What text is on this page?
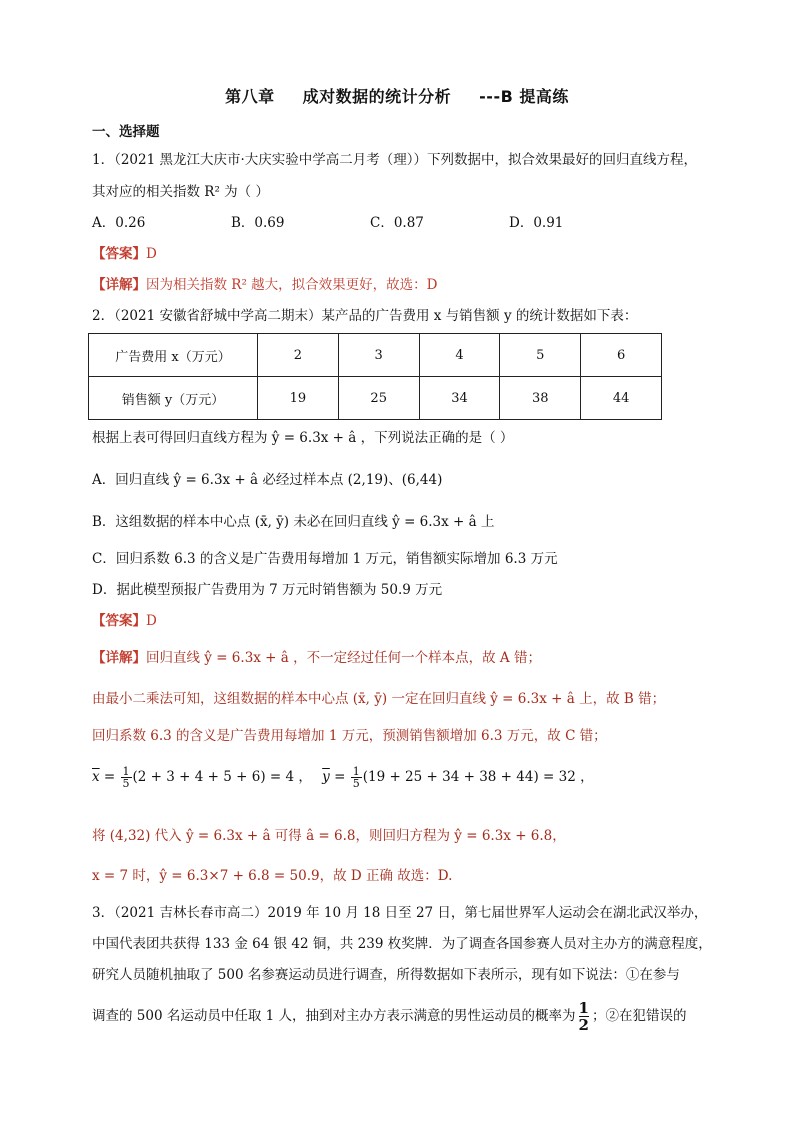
第八章 成对数据的统计分析 ---B 提高练
一、选择题
1．（2021 黑龙江大庆市·大庆实验中学高二月考（理））下列数据中，拟合效果最好的回归直线方程，
其对应的相关指数 R² 为（ ）
A．0.26	B．0.69	C．0.87	D．0.91
【答案】D
【详解】因为相关指数 R² 越大，拟合效果更好，故选：D
2．（2021 安徽省舒城中学高二期末）某产品的广告费用 x 与销售额 y 的统计数据如下表：
广告费用 x（万元）	2	3	4	5	6
销售额 y（万元）	19	25	34	38	44
根据上表可得回归直线方程为 ŷ = 6.3x + â ，下列说法正确的是（ ）
A．回归直线 ŷ = 6.3x + â 必经过样本点 (2,19)、(6,44)
B．这组数据的样本中心点 (x̄, ȳ) 未必在回归直线 ŷ = 6.3x + â 上
C．回归系数 6.3 的含义是广告费用每增加 1 万元，销售额实际增加 6.3 万元
D．据此模型预报广告费用为 7 万元时销售额为 50.9 万元
【答案】D
【详解】回归直线 ŷ = 6.3x + â ，不一定经过任何一个样本点，故 A 错；
由最小二乘法可知，这组数据的样本中心点 (x̄, ȳ) 一定在回归直线 ŷ = 6.3x + â 上，故 B 错；
回归系数 6.3 的含义是广告费用每增加 1 万元，预测销售额增加 6.3 万元，故 C 错；
$\overline{x} = \frac{1}{5} (2 + 3 + 4 + 5 + 6) = 4$ ， $\overline{y} = \frac{1}{5} (19 + 25 + 34 + 38 + 44) = 32$ ，
将 (4,32) 代入 ŷ = 6.3x + â 可得 â = 6.8，则回归方程为 ŷ = 6.3x + 6.8，
x = 7 时，ŷ = 6.3×7 + 6.8 = 50.9，故 D 正确 故选：D.
3．（2021 吉林长春市高二）2019 年 10 月 18 日至 27 日，第七届世界军人运动会在湖北武汉举办，
中国代表团共获得 133 金 64 银 42 铜，共 239 枚奖牌．为了调查各国参赛人员对主办方的满意程度，
研究人员随机抽取了 500 名参赛运动员进行调查，所得数据如下表所示，现有如下说法：①在参与
调查的 500 名运动员中任取 1 人，抽到对主办方表示满意的男性运动员的概率为 $\frac{1}{2}$ ；②在犯错误的
